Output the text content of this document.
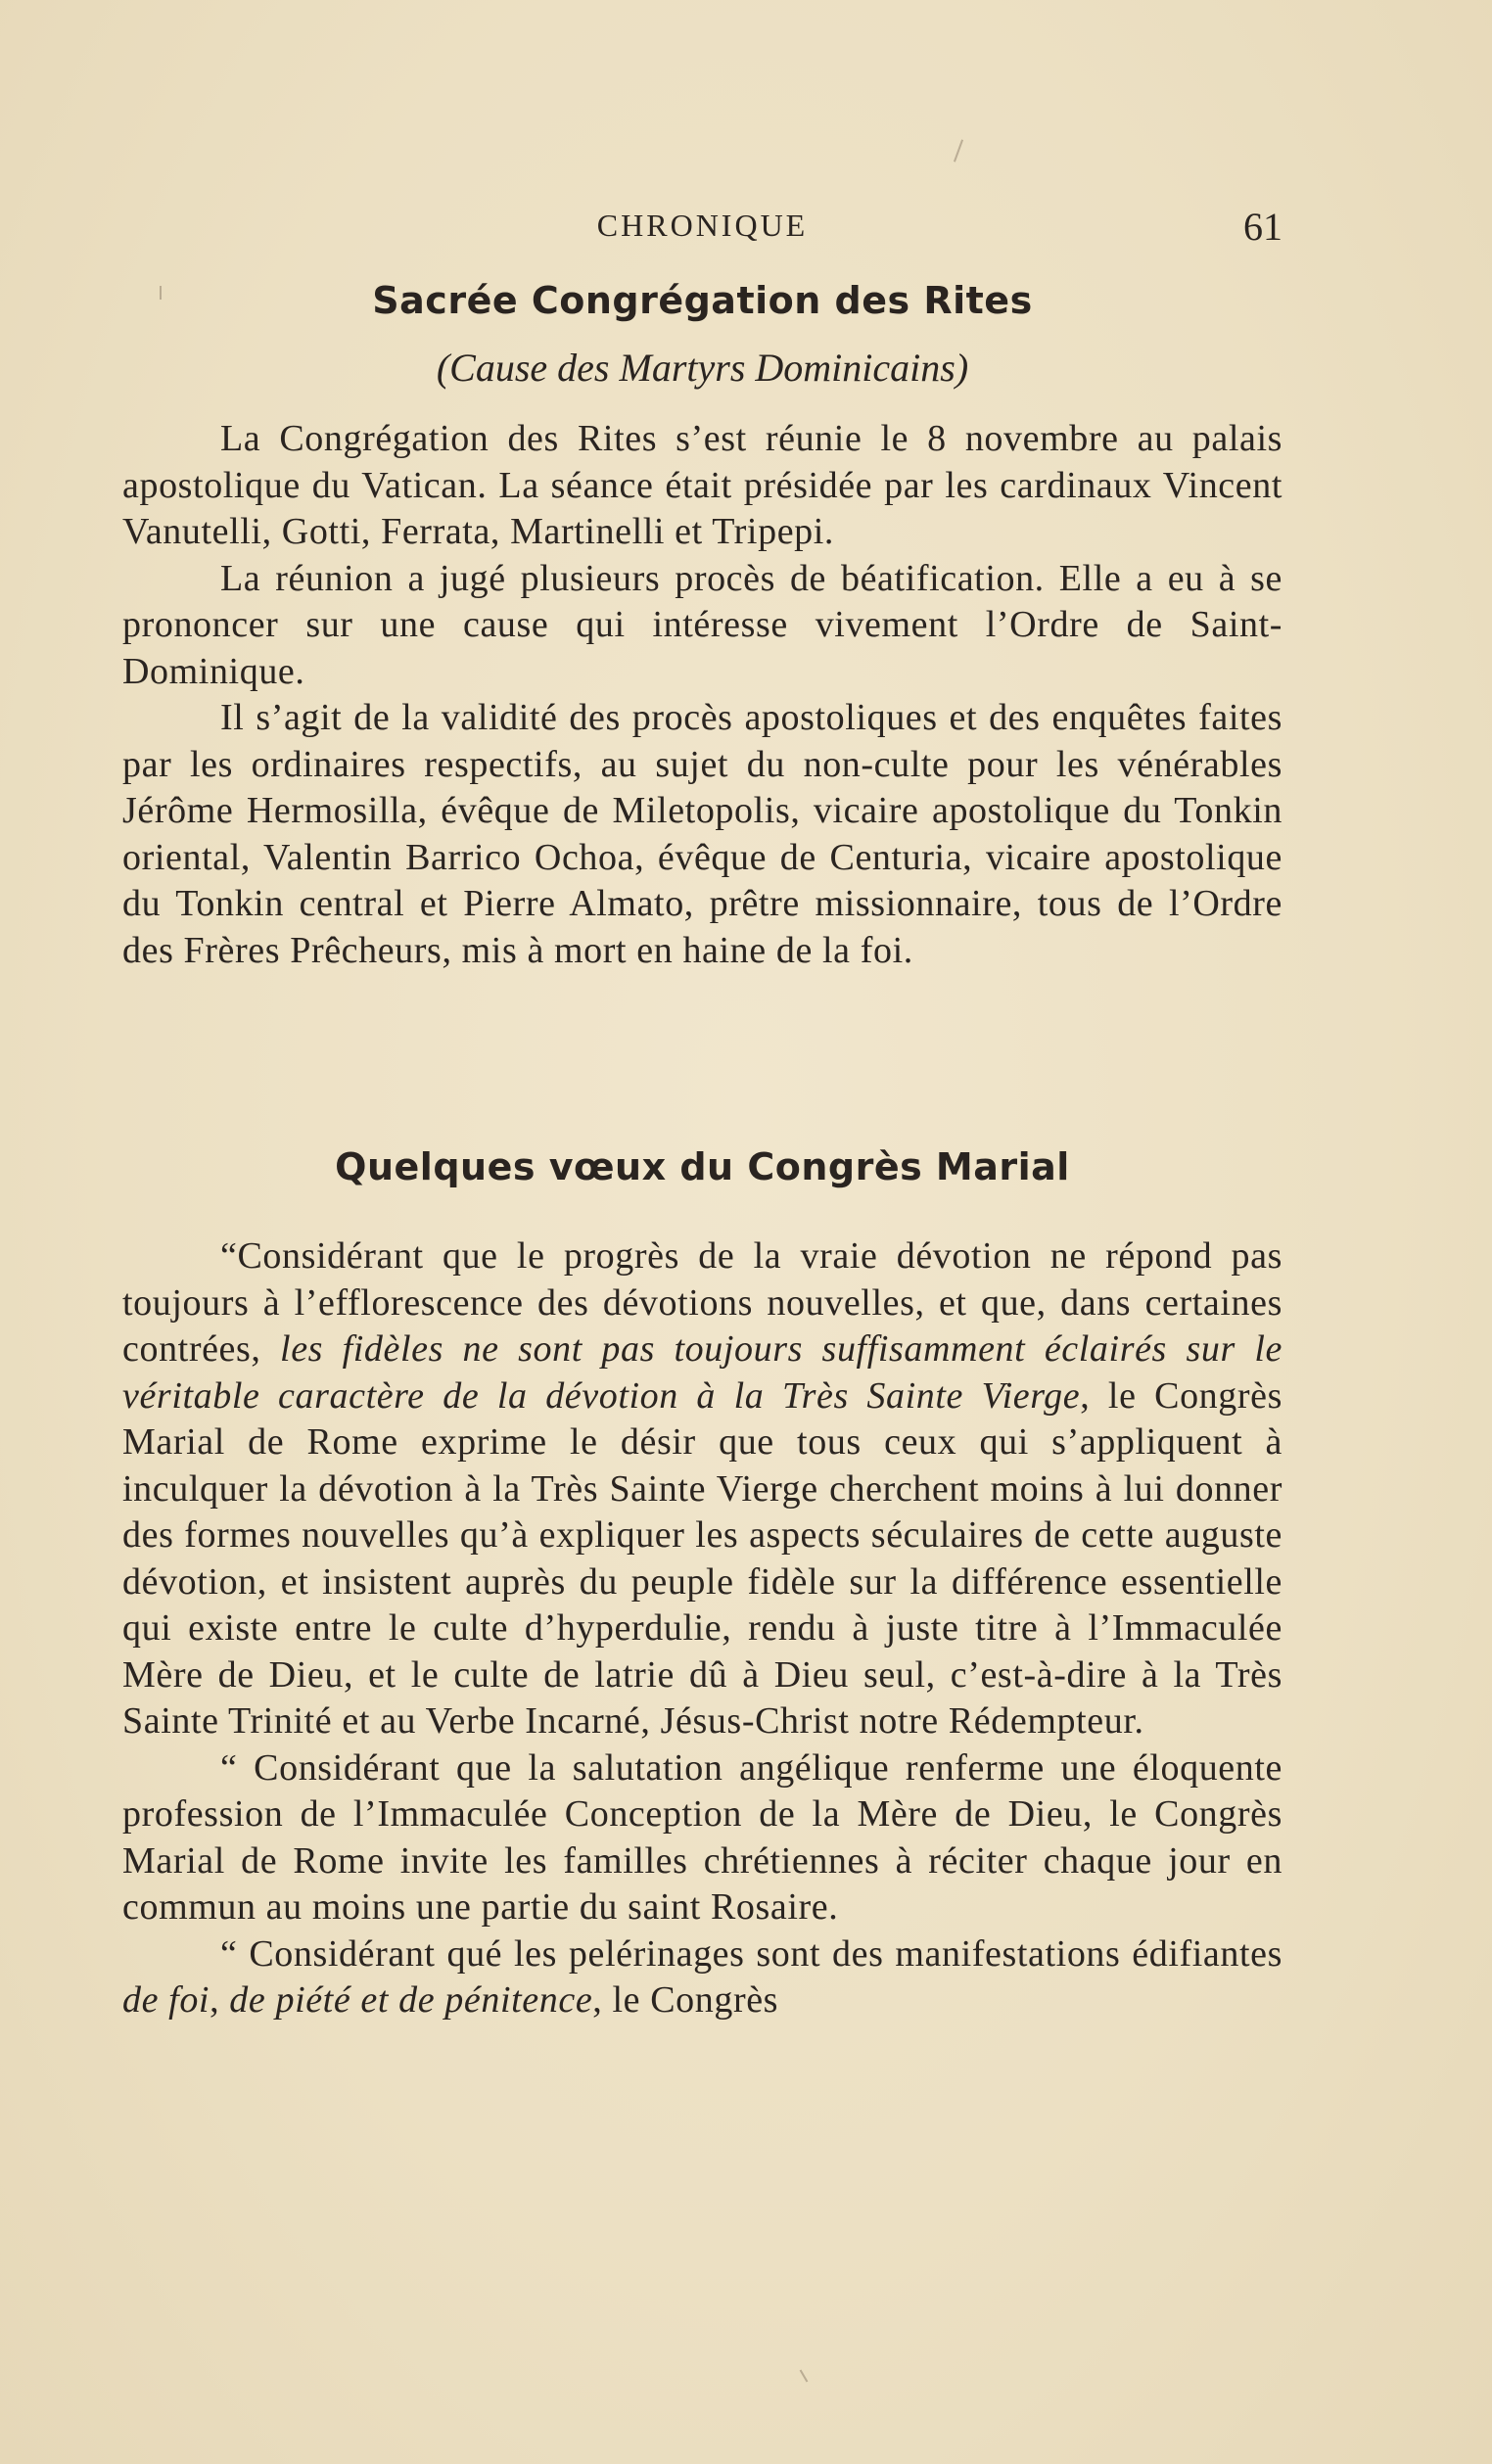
CHRONIQUE	61
Sacrée Congrégation des Rites
(Cause des Martyrs Dominicains)

La Congrégation des Rites s’est réunie le 8 novembre au palais apostolique du Vatican. La séance était présidée par les cardinaux Vincent Vanutelli, Gotti, Ferrata, Martinelli et Tripepi.

La réunion a jugé plusieurs procès de béatification. Elle a eu à se prononcer sur une cause qui intéresse vivement l’Ordre de Saint-Dominique.

Il s’agit de la validité des procès apostoliques et des enquêtes faites par les ordinaires respectifs, au sujet du non-culte pour les vénérables Jérôme Hermosilla, évêque de Miletopolis, vicaire apostolique du Tonkin oriental, Valentin Barrico Ochoa, évêque de Centuria, vicaire apostolique du Tonkin central et Pierre Almato, prêtre missionnaire, tous de l’Ordre des Frères Prêcheurs, mis à mort en haine de la foi.

Quelques vœux du Congrès Marial

“Considérant que le progrès de la vraie dévotion ne répond pas toujours à l’efflorescence des dévotions nouvelles, et que, dans certaines contrées, les fidèles ne sont pas toujours suffisamment éclairés sur le véritable caractère de la dévotion à la Très Sainte Vierge, le Congrès Marial de Rome exprime le désir que tous ceux qui s’appliquent à inculquer la dévotion à la Très Sainte Vierge cherchent moins à lui donner des formes nouvelles qu’à expliquer les aspects séculaires de cette auguste dévotion, et insistent auprès du peuple fidèle sur la différence essentielle qui existe entre le culte d’hyperdulie, rendu à juste titre à l’Immaculée Mère de Dieu, et le culte de latrie dû à Dieu seul, c’est-à-dire à la Très Sainte Trinité et au Verbe Incarné, Jésus-Christ notre Rédempteur.

“ Considérant que la salutation angélique renferme une éloquente profession de l’Immaculée Conception de la Mère de Dieu, le Congrès Marial de Rome invite les familles chrétiennes à réciter chaque jour en commun au moins une partie du saint Rosaire.

“ Considérant qué les pelérinages sont des manifestations édifiantes de foi, de piété et de pénitence, le Congrès
